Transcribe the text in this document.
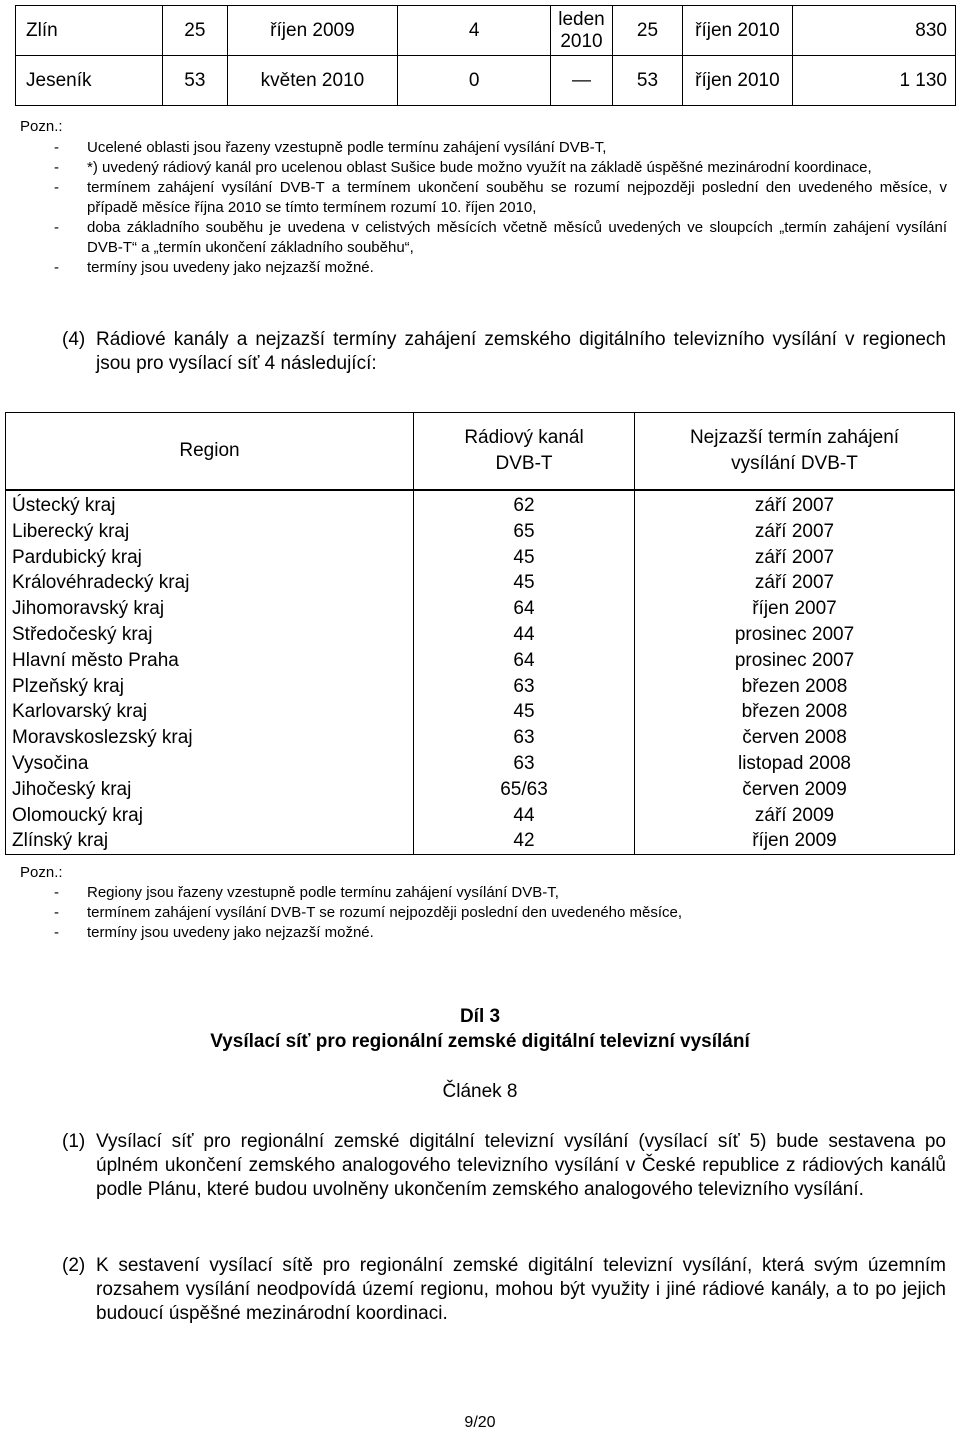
Zlín	25	říjen 2009	4	leden 2010	25	říjen 2010	830
Jeseník	53	květen 2010	0	—	53	říjen 2010	1 130
Pozn.:
- Ucelené oblasti jsou řazeny vzestupně podle termínu zahájení vysílání DVB-T,
- *) uvedený rádiový kanál pro ucelenou oblast Sušice bude možno využít na základě úspěšné mezinárodní koordinace,
- termínem zahájení vysílání DVB-T a termínem ukončení souběhu se rozumí nejpozději poslední den uvedeného měsíce, v případě měsíce října 2010 se tímto termínem rozumí 10. říjen 2010,
- doba základního souběhu je uvedena v celistvých měsících včetně měsíců uvedených ve sloupcích „termín zahájení vysílání DVB-T“ a „termín ukončení základního souběhu“,
- termíny jsou uvedeny jako nejzazší možné.
(4) Rádiové kanály a nejzazší termíny zahájení zemského digitálního televizního vysílání v regionech jsou pro vysílací síť 4 následující:
Region	Rádiový kanál DVB-T	Nejzazší termín zahájení vysílání DVB-T
Ústecký kraj	62	září 2007
Liberecký kraj	65	září 2007
Pardubický kraj	45	září 2007
Královéhradecký kraj	45	září 2007
Jihomoravský kraj	64	říjen 2007
Středočeský kraj	44	prosinec 2007
Hlavní město Praha	64	prosinec 2007
Plzeňský kraj	63	březen 2008
Karlovarský kraj	45	březen 2008
Moravskoslezský kraj	63	červen 2008
Vysočina	63	listopad 2008
Jihočeský kraj	65/63	červen 2009
Olomoucký kraj	44	září 2009
Zlínský kraj	42	říjen 2009
Pozn.:
- Regiony jsou řazeny vzestupně podle termínu zahájení vysílání DVB-T,
- termínem zahájení vysílání DVB-T se rozumí nejpozději poslední den uvedeného měsíce,
- termíny jsou uvedeny jako nejzazší možné.
Díl 3
Vysílací síť pro regionální zemské digitální televizní vysílání
Článek 8
(1) Vysílací síť pro regionální zemské digitální televizní vysílání (vysílací síť 5) bude sestavena po úplném ukončení zemského analogového televizního vysílání v České republice z rádiových kanálů podle Plánu, které budou uvolněny ukončením zemského analogového televizního vysílání.
(2) K sestavení vysílací sítě pro regionální zemské digitální televizní vysílání, která svým územním rozsahem vysílání neodpovídá území regionu, mohou být využity i jiné rádiové kanály, a to po jejich budoucí úspěšné mezinárodní koordinaci.
9/20
